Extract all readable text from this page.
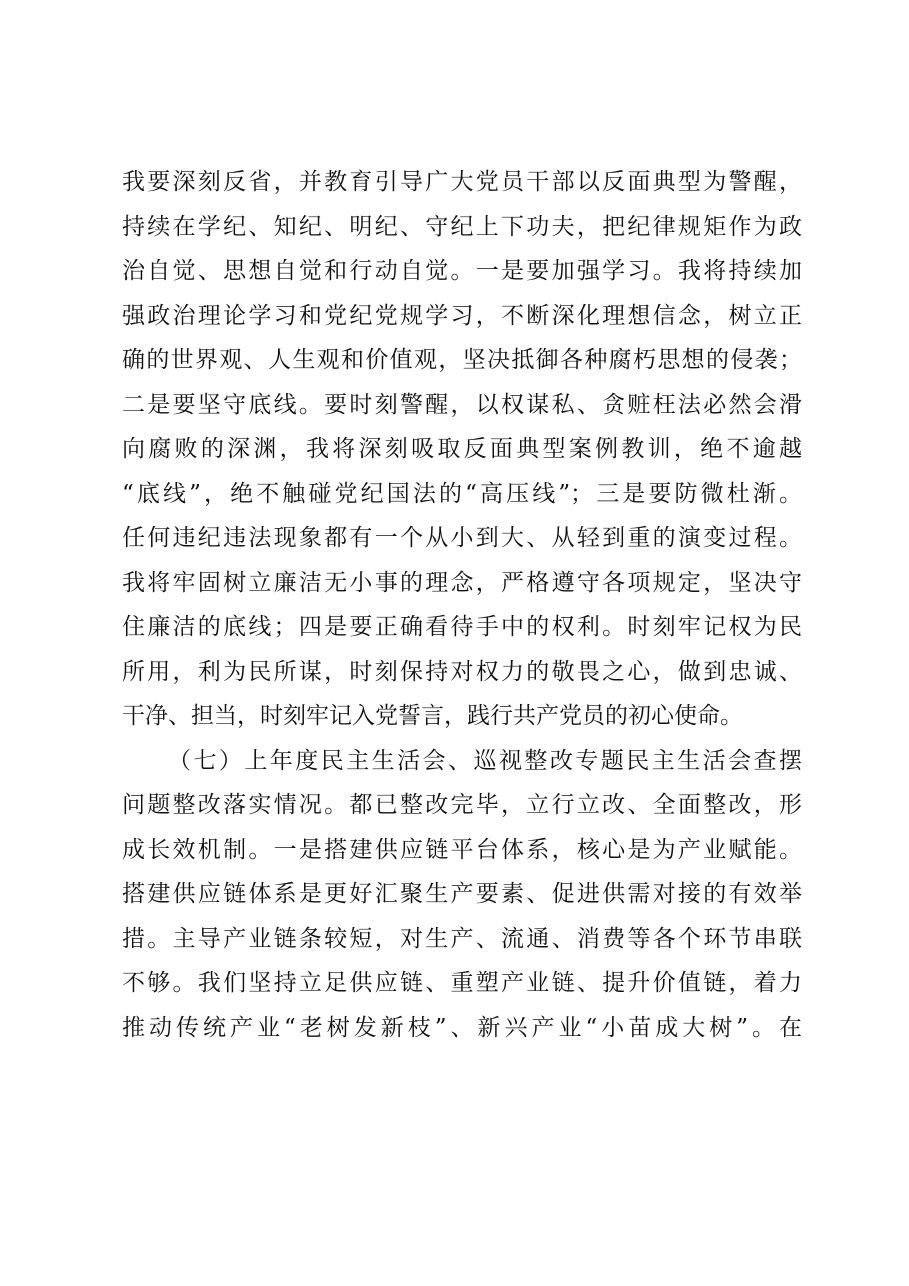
我要深刻反省，并教育引导广大党员干部以反面典型为警醒，
持续在学纪、知纪、明纪、守纪上下功夫，把纪律规矩作为政
治自觉、思想自觉和行动自觉。一是要加强学习。我将持续加
强政治理论学习和党纪党规学习，不断深化理想信念，树立正
确的世界观、人生观和价值观，坚决抵御各种腐朽思想的侵袭；
二是要坚守底线。要时刻警醒，以权谋私、贪赃枉法必然会滑
向腐败的深渊，我将深刻吸取反面典型案例教训，绝不逾越
“底线”，绝不触碰党纪国法的“高压线”；三是要防微杜渐。
任何违纪违法现象都有一个从小到大、从轻到重的演变过程。
我将牢固树立廉洁无小事的理念，严格遵守各项规定，坚决守
住廉洁的底线；四是要正确看待手中的权利。时刻牢记权为民
所用，利为民所谋，时刻保持对权力的敬畏之心，做到忠诚、
干净、担当，时刻牢记入党誓言，践行共产党员的初心使命。
（七）上年度民主生活会、巡视整改专题民主生活会查摆
问题整改落实情况。都已整改完毕，立行立改、全面整改，形
成长效机制。一是搭建供应链平台体系，核心是为产业赋能。
搭建供应链体系是更好汇聚生产要素、促进供需对接的有效举
措。主导产业链条较短，对生产、流通、消费等各个环节串联
不够。我们坚持立足供应链、重塑产业链、提升价值链，着力
推动传统产业“老树发新枝”、新兴产业“小苗成大树”。在
